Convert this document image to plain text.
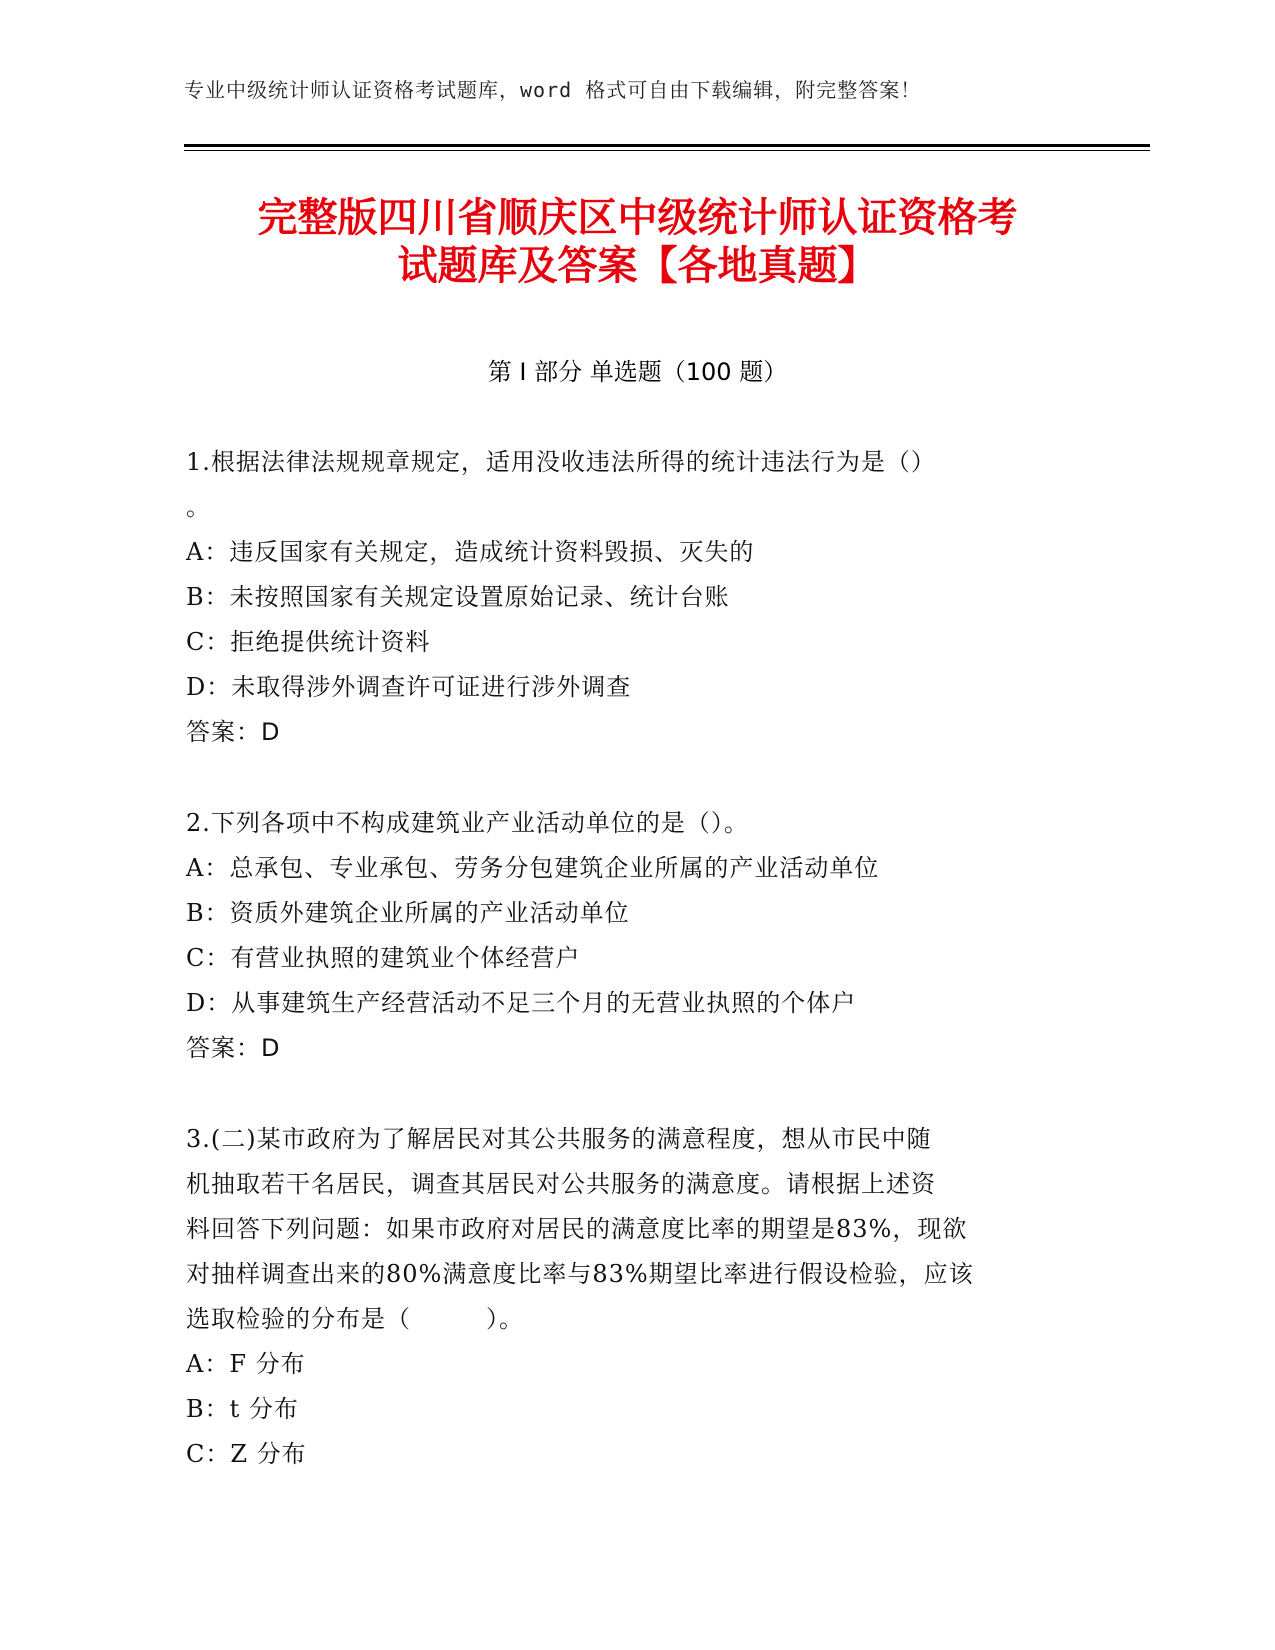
专业中级统计师认证资格考试题库，word 格式可自由下载编辑，附完整答案！
完整版四川省顺庆区中级统计师认证资格考
试题库及答案【各地真题】
第 I 部分 单选题（100 题）
1.根据法律法规规章规定，适用没收违法所得的统计违法行为是（）
。
A：违反国家有关规定，造成统计资料毁损、灭失的
B：未按照国家有关规定设置原始记录、统计台账
C：拒绝提供统计资料
D：未取得涉外调查许可证进行涉外调查
答案：D
2.下列各项中不构成建筑业产业活动单位的是（）。
A：总承包、专业承包、劳务分包建筑企业所属的产业活动单位
B：资质外建筑企业所属的产业活动单位
C：有营业执照的建筑业个体经营户
D：从事建筑生产经营活动不足三个月的无营业执照的个体户
答案：D
3.(二)某市政府为了解居民对其公共服务的满意程度，想从市民中随
机抽取若干名居民，调查其居民对公共服务的满意度。请根据上述资
料回答下列问题：如果市政府对居民的满意度比率的期望是83%，现欲
对抽样调查出来的80%满意度比率与83%期望比率进行假设检验，应该
选取检验的分布是（　　　）。
A：F 分布
B：t 分布
C：Z 分布
